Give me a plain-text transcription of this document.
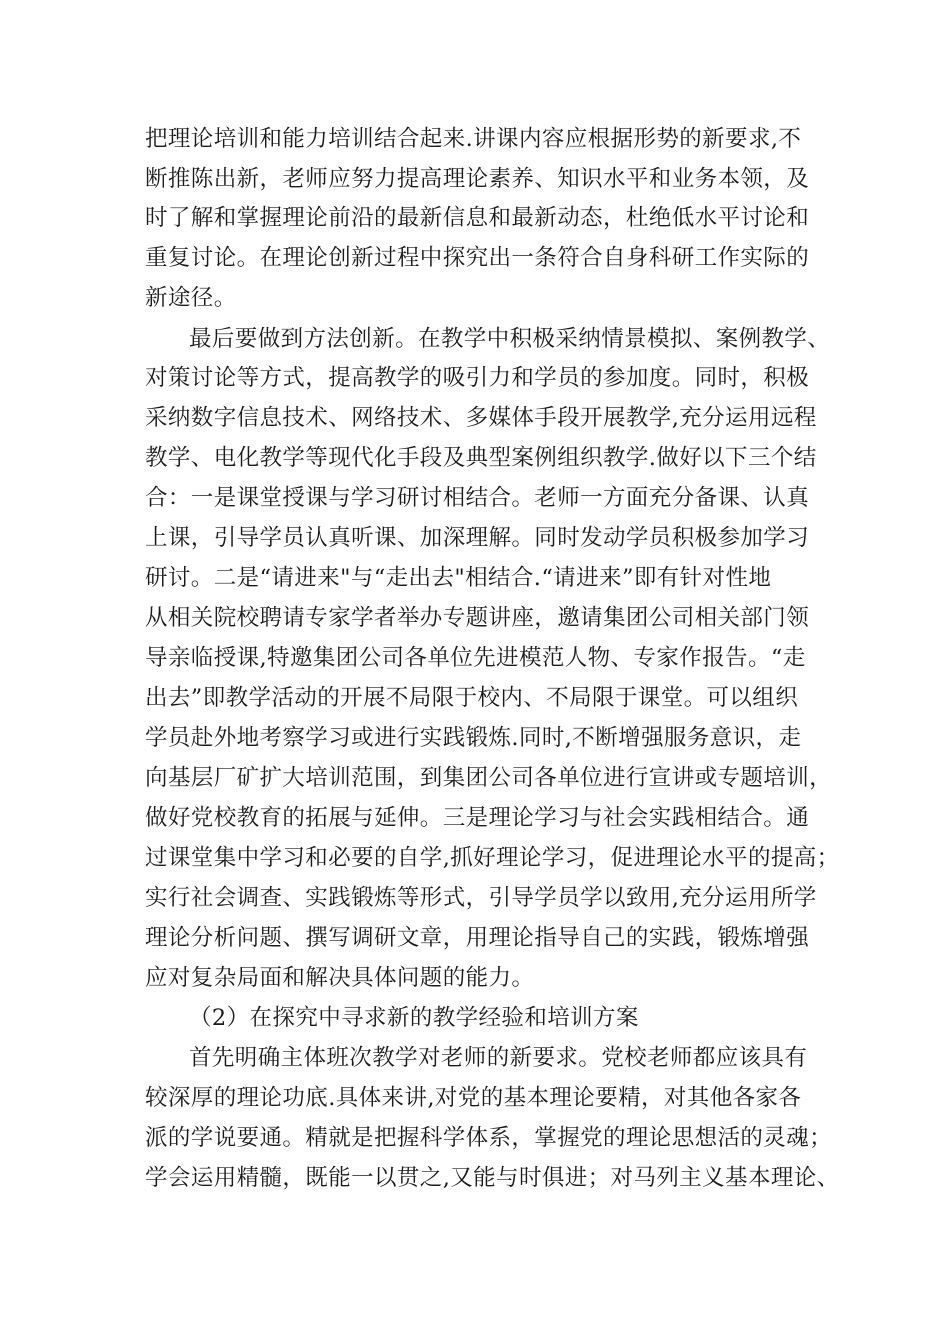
把理论培训和能力培训结合起来.讲课内容应根据形势的新要求,不
断推陈出新，老师应努力提高理论素养、知识水平和业务本领，及
时了解和掌握理论前沿的最新信息和最新动态，杜绝低水平讨论和
重复讨论。在理论创新过程中探究出一条符合自身科研工作实际的
新途径。
最后要做到方法创新。在教学中积极采纳情景模拟、案例教学、
对策讨论等方式，提高教学的吸引力和学员的参加度。同时，积极
采纳数字信息技术、网络技术、多媒体手段开展教学,充分运用远程
教学、电化教学等现代化手段及典型案例组织教学.做好以下三个结
合：一是课堂授课与学习研讨相结合。老师一方面充分备课、认真
上课，引导学员认真听课、加深理解。同时发动学员积极参加学习
研讨。二是“请进来"与“走出去"相结合.“请进来”即有针对性地
从相关院校聘请专家学者举办专题讲座，邀请集团公司相关部门领
导亲临授课,特邀集团公司各单位先进模范人物、专家作报告。“走
出去”即教学活动的开展不局限于校内、不局限于课堂。可以组织
学员赴外地考察学习或进行实践锻炼.同时,不断增强服务意识，走
向基层厂矿扩大培训范围，到集团公司各单位进行宣讲或专题培训，
做好党校教育的拓展与延伸。三是理论学习与社会实践相结合。通
过课堂集中学习和必要的自学,抓好理论学习，促进理论水平的提高；
实行社会调查、实践锻炼等形式，引导学员学以致用,充分运用所学
理论分析问题、撰写调研文章，用理论指导自己的实践，锻炼增强
应对复杂局面和解决具体问题的能力。
（2）在探究中寻求新的教学经验和培训方案
首先明确主体班次教学对老师的新要求。党校老师都应该具有
较深厚的理论功底.具体来讲,对党的基本理论要精，对其他各家各
派的学说要通。精就是把握科学体系，掌握党的理论思想活的灵魂；
学会运用精髓，既能一以贯之,又能与时俱进；对马列主义基本理论、
